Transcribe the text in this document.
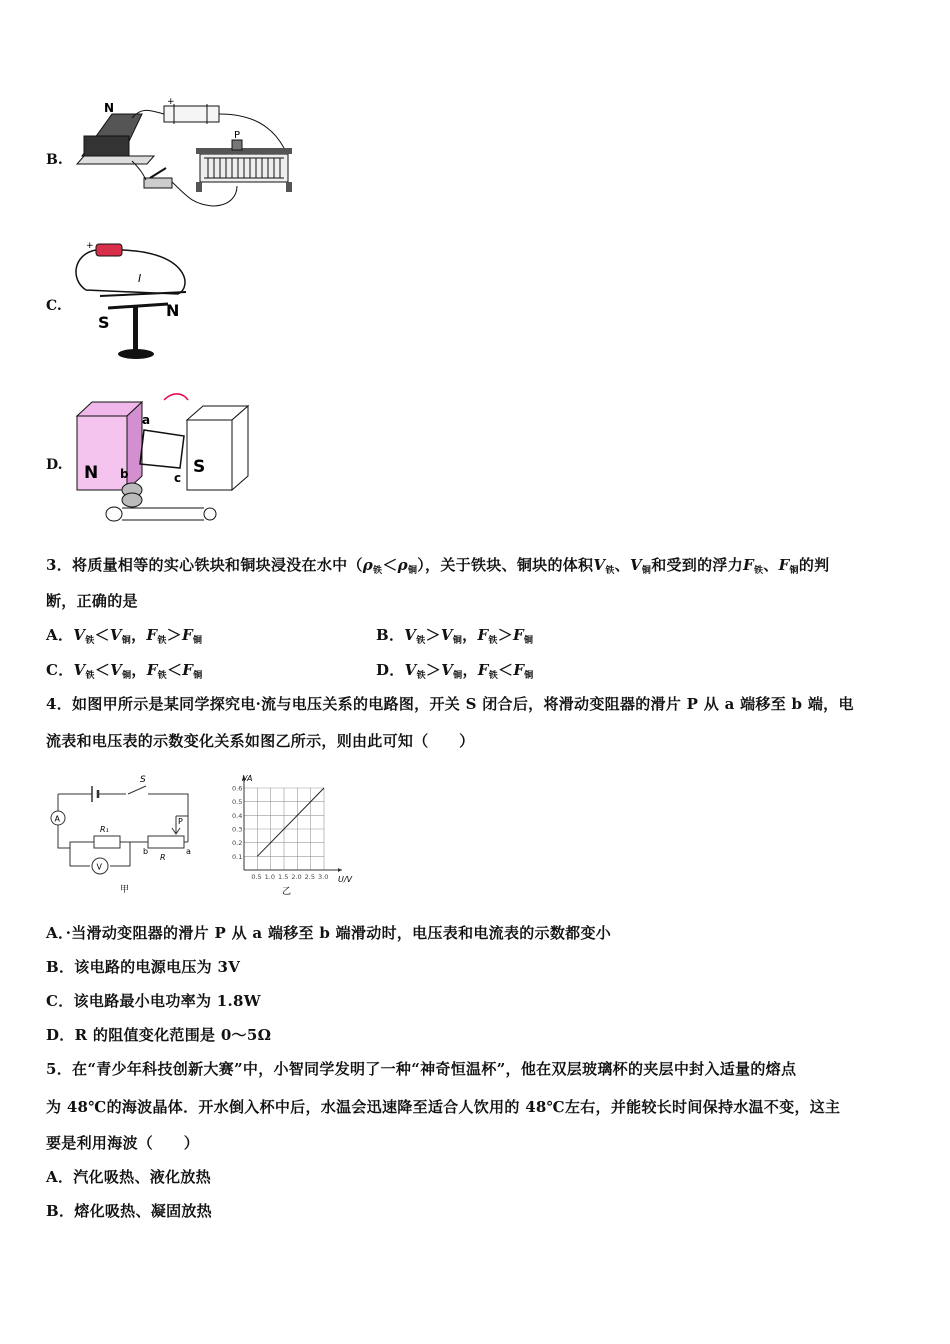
B.
N	+
P
C.
+
I
S
N
D. N	S
a
b	c
3．将质量相等的实心铁块和铜块浸没在水中$(\rho_铁<\rho_铜)$，关于铁块、铜块的体积$V_铁$、$V_铜$和受到的浮力$F_铁$、$F_铜$的判
断，正确的是
A．$V_铁<V_铜$，$F_铁>F_铜$	B．$V_铁>V_铜$，$F_铁>F_铜$
C．$V_铁<V_铜$，$F_铁<F_铜$	D．$V_铁>V_铜$，$F_铁<F_铜$
4．如图甲所示是某同学探究电·流与电压关系的电路图，开关 S 闭合后，将滑动变阻器的滑片 P 从 a 端移至 b 端，电
流表和电压表的示数变化关系如图乙所示，则由此可知（　　）
A
V
S
R₁
R
P
b	a
甲
0.5 1.0 1.5 2.0 2.5 3.0
0.1
0.2
0.3
0.4
0.5
0.6
I/A
U/V
乙
A．·当滑动变阻器的滑片 P 从 a 端移至 b 端滑动时，电压表和电流表的示数都变小
B．该电路的电源电压为 3V
C．该电路最小电功率为 1.8W
D．R 的阻值变化范围是 0～5Ω
5．在“青少年科技创新大赛”中，小智同学发明了一种“神奇恒温杯”，他在双层玻璃杯的夹层中封入适量的熔点
为 48℃的海波晶体．开水倒入杯中后，水温会迅速降至适合人饮用的 48℃左右，并能较长时间保持水温不变，这主
要是利用海波（　　）
A．汽化吸热、液化放热
B．熔化吸热、凝固放热
